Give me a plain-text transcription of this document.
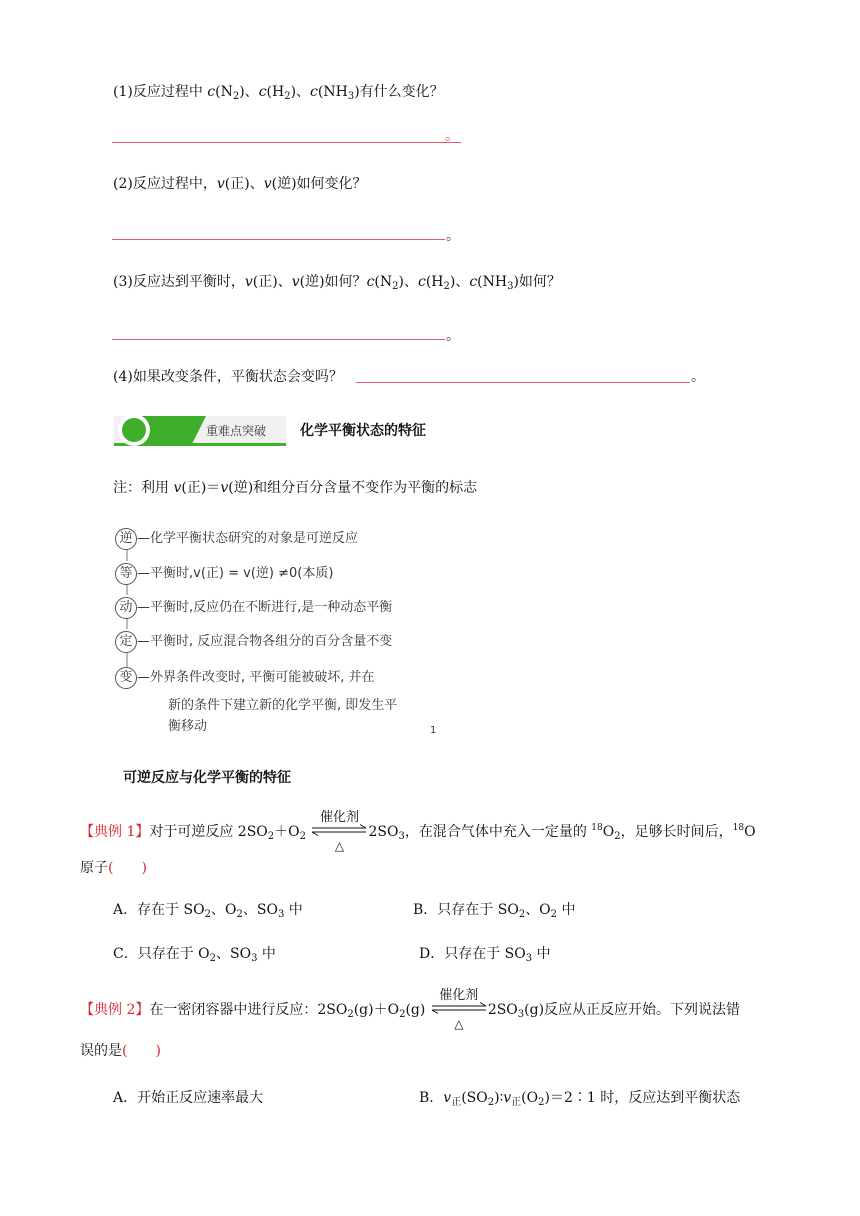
(1)反应过程中 $c(N_2)$、$c(H_2)$、$c(NH_3)$有什么变化？
。
(2)反应过程中，v(正)、v(逆)如何变化？
。
(3)反应达到平衡时，v(正)、v(逆)如何？$c(N_2)$、$c(H_2)$、$c(NH_3)$如何？
。
(4)如果改变条件，平衡状态会变吗？	。
重难点突破 化学平衡状态的特征
注：利用 v(正)＝v(逆)和组分百分含量不变作为平衡的标志
逆 —化学平衡状态研究的对象是可逆反应
等 —平衡时,v(正) = v(逆) ≠0(本质)
动 —平衡时,反应仍在不断进行,是一种动态平衡
定 —平衡时, 反应混合物各组分的百分含量不变
变 —外界条件改变时, 平衡可能被破坏, 并在
新的条件下建立新的化学平衡, 即发生平
衡移动	1
可逆反应与化学平衡的特征
【典例 1】对于可逆反应 $2SO_2+O_2$
催化剂
△
$2SO_3$，在混合气体中充入一定量的 $^{18}O_2$，足够长时间后，$^{18}$O
原子(　　)
A．存在于 $SO_2$、$O_2$、$SO_3$ 中	B．只存在于 $SO_2$、$O_2$ 中
C．只存在于 $O_2$、$SO_3$ 中	D．只存在于 $SO_3$ 中
【典例 2】在一密闭容器中进行反应：$2SO_2(g)+O_2(g)$
催化剂
△
$2SO_3(g)$反应从正反应开始。下列说法错
误的是(　　)
A．开始正反应速率最大	B．$v_正(SO_2)∶v_正(O_2)=2∶1$ 时，反应达到平衡状态
